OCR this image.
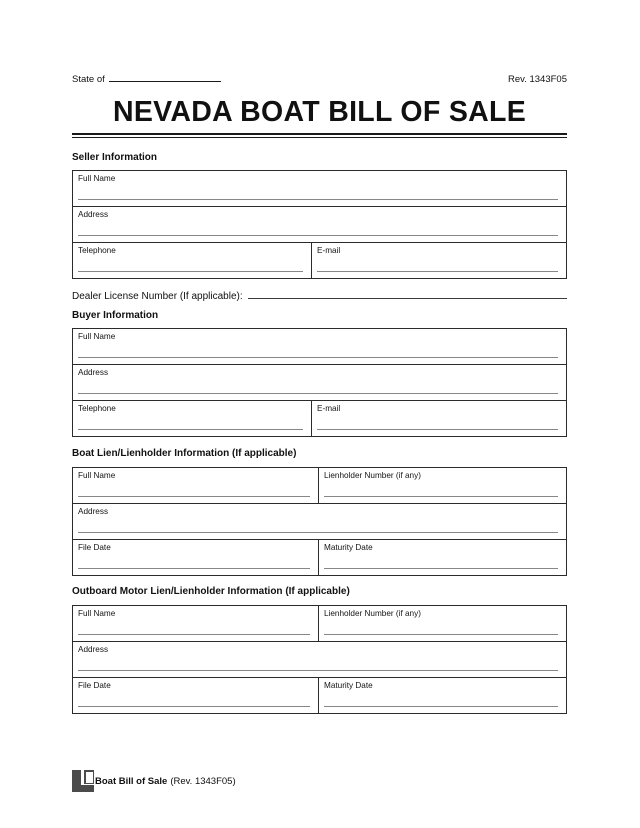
State of	Rev. 1343F05
NEVADA BOAT BILL OF SALE
Seller Information
Full Name
Address
Telephone	E-mail
Dealer License Number (If applicable):
Buyer Information
Full Name
Address
Telephone	E-mail
Boat Lien/Lienholder Information (If applicable)
Full Name	Lienholder Number (if any)
Address
File Date	Maturity Date
Outboard Motor Lien/Lienholder Information (If applicable)
Full Name	Lienholder Number (if any)
Address
File Date	Maturity Date
Boat Bill of Sale (Rev. 1343F05)
